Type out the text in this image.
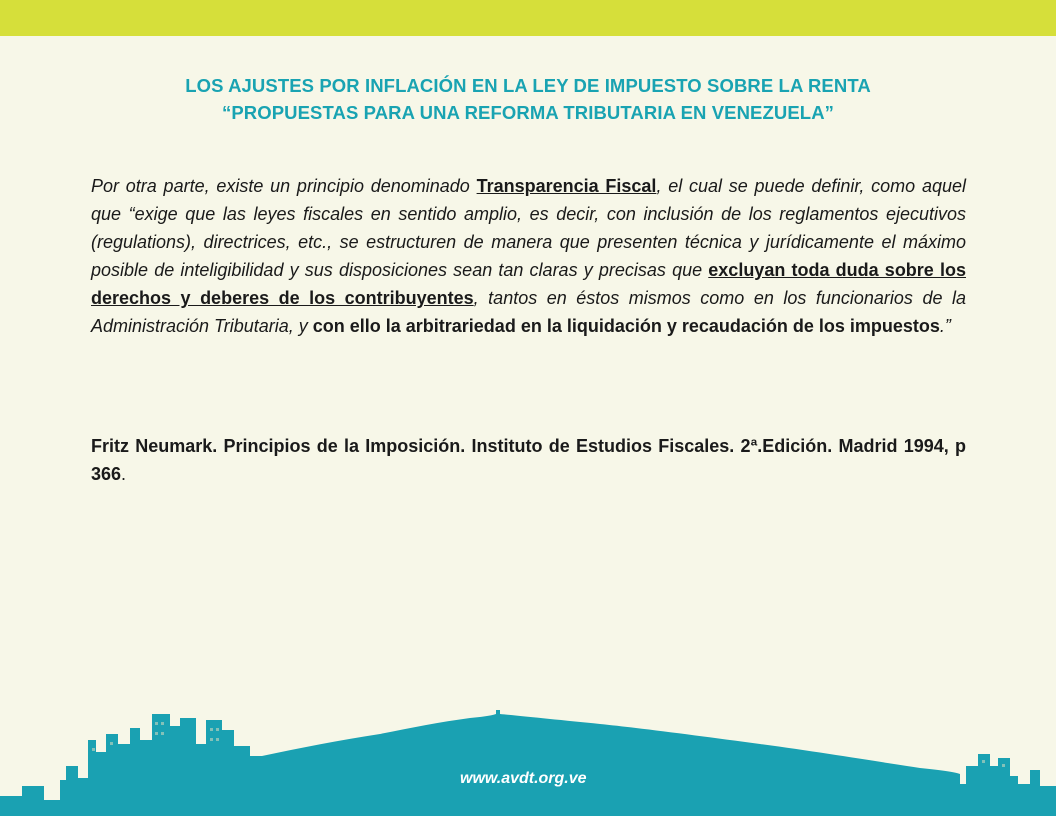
LOS AJUSTES POR INFLACIÓN EN LA LEY DE IMPUESTO SOBRE LA RENTA
“PROPUESTAS PARA UNA REFORMA TRIBUTARIA EN VENEZUELA”
Por otra parte, existe un principio denominado Transparencia Fiscal, el cual se puede definir, como aquel que “exige que las leyes fiscales en sentido amplio, es decir, con inclusión de los reglamentos ejecutivos (regulations), directrices, etc., se estructuren de manera que presenten técnica y jurídicamente el máximo posible de inteligibilidad y sus disposiciones sean tan claras y precisas que excluyan toda duda sobre los derechos y deberes de los contribuyentes, tantos en éstos mismos como en los funcionarios de la Administración Tributaria, y con ello la arbitrariedad en la liquidación y recaudación de los impuestos.”
Fritz Neumark. Principios de la Imposición. Instituto de Estudios Fiscales. 2ª.Edición. Madrid 1994, p 366.
www.avdt.org.ve
